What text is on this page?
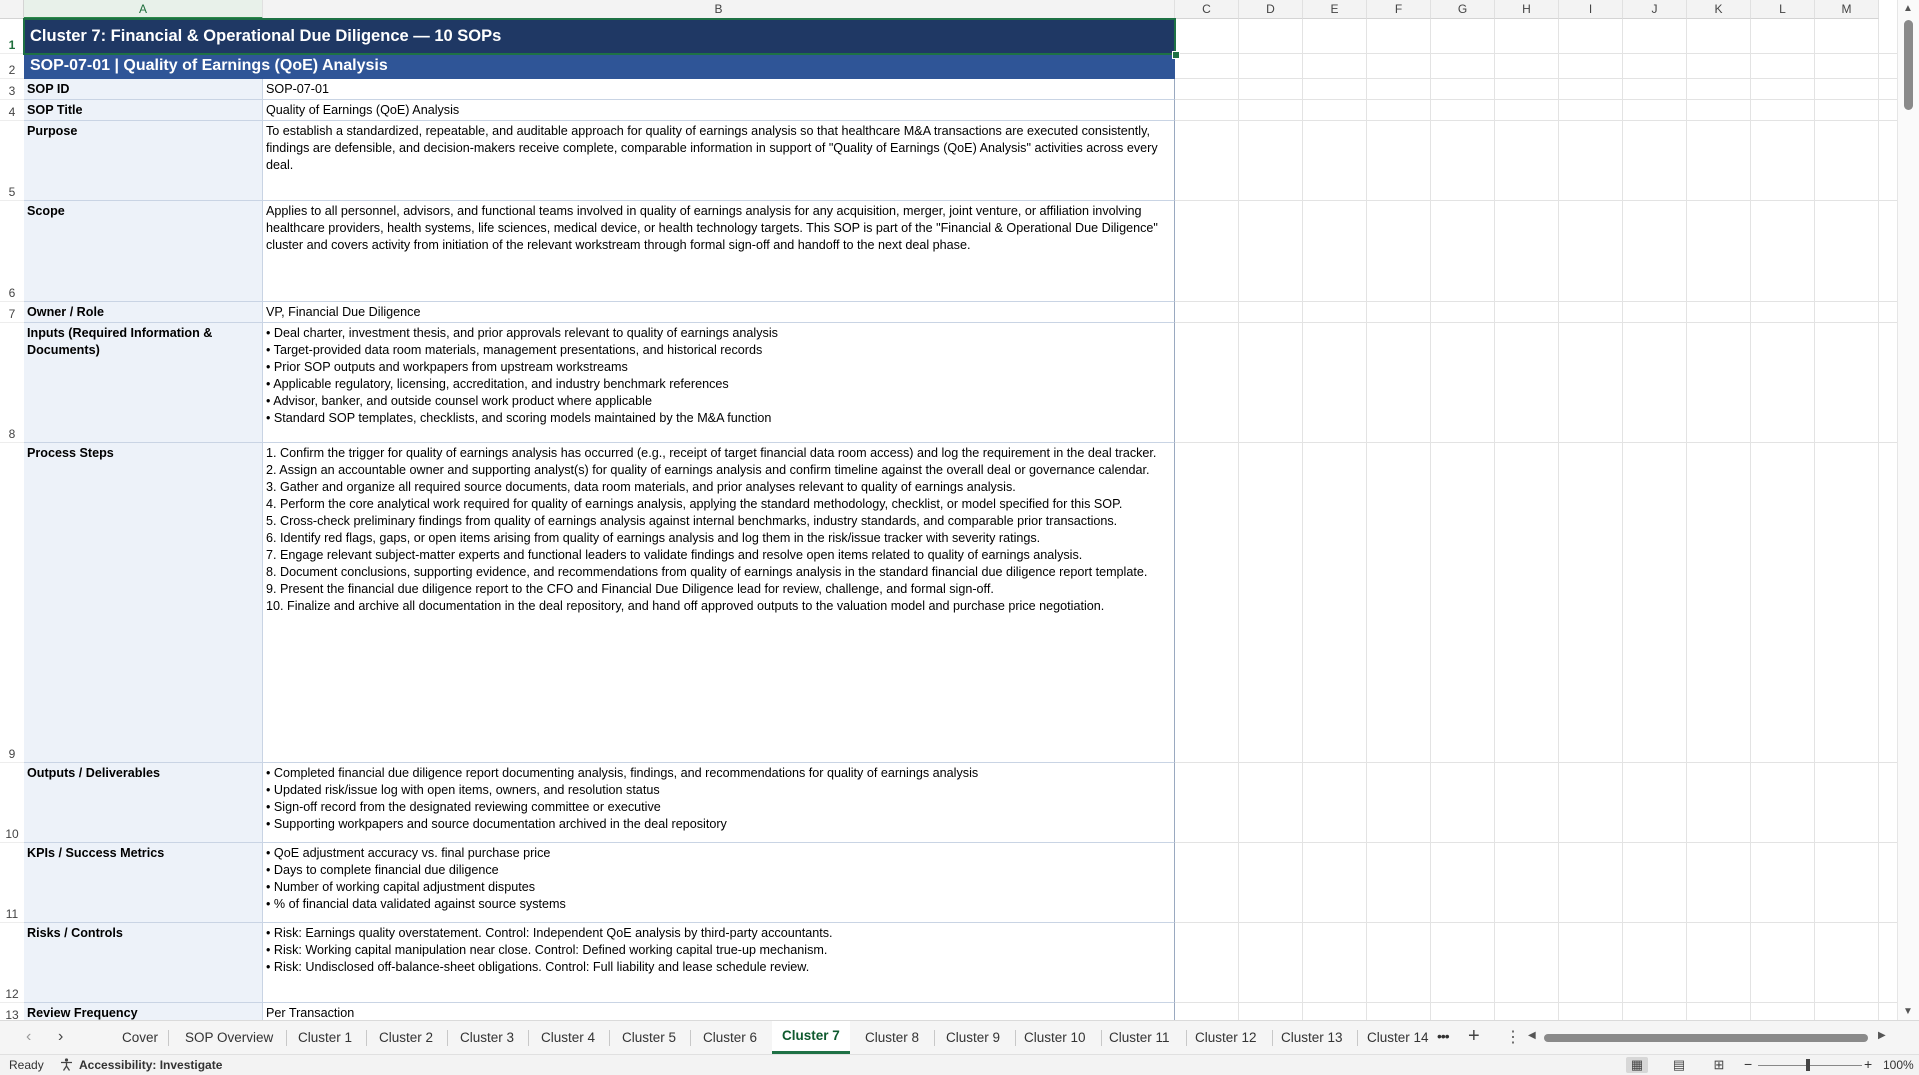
A	B	C	D	E	F	G	H	I	J	K	L	M
1
2
3
4
5
6
7
8
9
10
11
12
13
Cluster 7: Financial & Operational Due Diligence — 10 SOPs
SOP-07-01 | Quality of Earnings (QoE) Analysis
SOP ID	SOP-07-01
SOP Title	Quality of Earnings (QoE) Analysis
Purpose	To establish a standardized, repeatable, and auditable approach for quality of earnings analysis so that healthcare M&A transactions are executed consistently, findings are defensible, and decision-makers receive complete, comparable information in support of "Quality of Earnings (QoE) Analysis" activities across every deal.
Scope	Applies to all personnel, advisors, and functional teams involved in quality of earnings analysis for any acquisition, merger, joint venture, or affiliation involving healthcare providers, health systems, life sciences, medical device, or health technology targets. This SOP is part of the "Financial & Operational Due Diligence" cluster and covers activity from initiation of the relevant workstream through formal sign-off and handoff to the next deal phase.
Owner / Role	VP, Financial Due Diligence
Inputs (Required Information & Documents)
• Deal charter, investment thesis, and prior approvals relevant to quality of earnings analysis
• Target-provided data room materials, management presentations, and historical records
• Prior SOP outputs and workpapers from upstream workstreams
• Applicable regulatory, licensing, accreditation, and industry benchmark references
• Advisor, banker, and outside counsel work product where applicable
• Standard SOP templates, checklists, and scoring models maintained by the M&A function
Process Steps	1. Confirm the trigger for quality of earnings analysis has occurred (e.g., receipt of target financial data room access) and log the requirement in the deal tracker.
2. Assign an accountable owner and supporting analyst(s) for quality of earnings analysis and confirm timeline against the overall deal or governance calendar.
3. Gather and organize all required source documents, data room materials, and prior analyses relevant to quality of earnings analysis.
4. Perform the core analytical work required for quality of earnings analysis, applying the standard methodology, checklist, or model specified for this SOP.
5. Cross-check preliminary findings from quality of earnings analysis against internal benchmarks, industry standards, and comparable prior transactions.
6. Identify red flags, gaps, or open items arising from quality of earnings analysis and log them in the risk/issue tracker with severity ratings.
7. Engage relevant subject-matter experts and functional leaders to validate findings and resolve open items related to quality of earnings analysis.
8. Document conclusions, supporting evidence, and recommendations from quality of earnings analysis in the standard financial due diligence report template.
9. Present the financial due diligence report to the CFO and Financial Due Diligence lead for review, challenge, and formal sign-off.
10. Finalize and archive all documentation in the deal repository, and hand off approved outputs to the valuation model and purchase price negotiation.
Outputs / Deliverables	• Completed financial due diligence report documenting analysis, findings, and recommendations for quality of earnings analysis
• Updated risk/issue log with open items, owners, and resolution status
• Sign-off record from the designated reviewing committee or executive
• Supporting workpapers and source documentation archived in the deal repository
KPIs / Success Metrics	• QoE adjustment accuracy vs. final purchase price
• Days to complete financial due diligence
• Number of working capital adjustment disputes
• % of financial data validated against source systems
Risks / Controls	• Risk: Earnings quality overstatement. Control: Independent QoE analysis by third-party accountants.
• Risk: Working capital manipulation near close. Control: Defined working capital true-up mechanism.
• Risk: Undisclosed off-balance-sheet obligations. Control: Full liability and lease schedule review.
Review Frequency	Per Transaction
▲
▼
‹ ›	Cover	SOP Overview	Cluster 1	Cluster 2	Cluster 3	Cluster 4	Cluster 5	Cluster 6	Cluster 7	Cluster 8	Cluster 9	Cluster 10	Cluster 11	Cluster 12	Cluster 13	Cluster 14 ••• + ⋮ ◀	▶
Ready	Accessibility: Investigate	▦	▤	⊞	−	+ 100%
